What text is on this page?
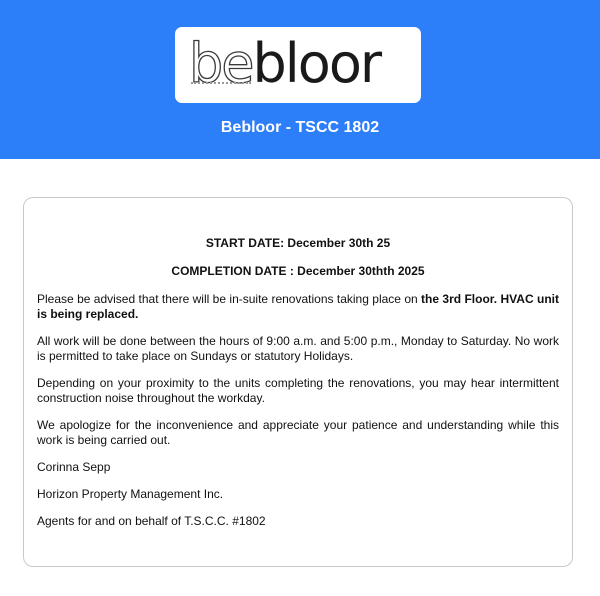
bebloor
Bebloor - TSCC 1802

START DATE: December 30th 25

COMPLETION DATE : December 30thth 2025

Please be advised that there will be in-suite renovations taking place on the 3rd Floor. HVAC unit is being replaced.

All work will be done between the hours of 9:00 a.m. and 5:00 p.m., Monday to Saturday. No work is permitted to take place on Sundays or statutory Holidays.

Depending on your proximity to the units completing the renovations, you may hear intermittent construction noise throughout the workday.

We apologize for the inconvenience and appreciate your patience and understanding while this work is being carried out.

Corinna Sepp

Horizon Property Management Inc.

Agents for and on behalf of T.S.C.C. #1802
